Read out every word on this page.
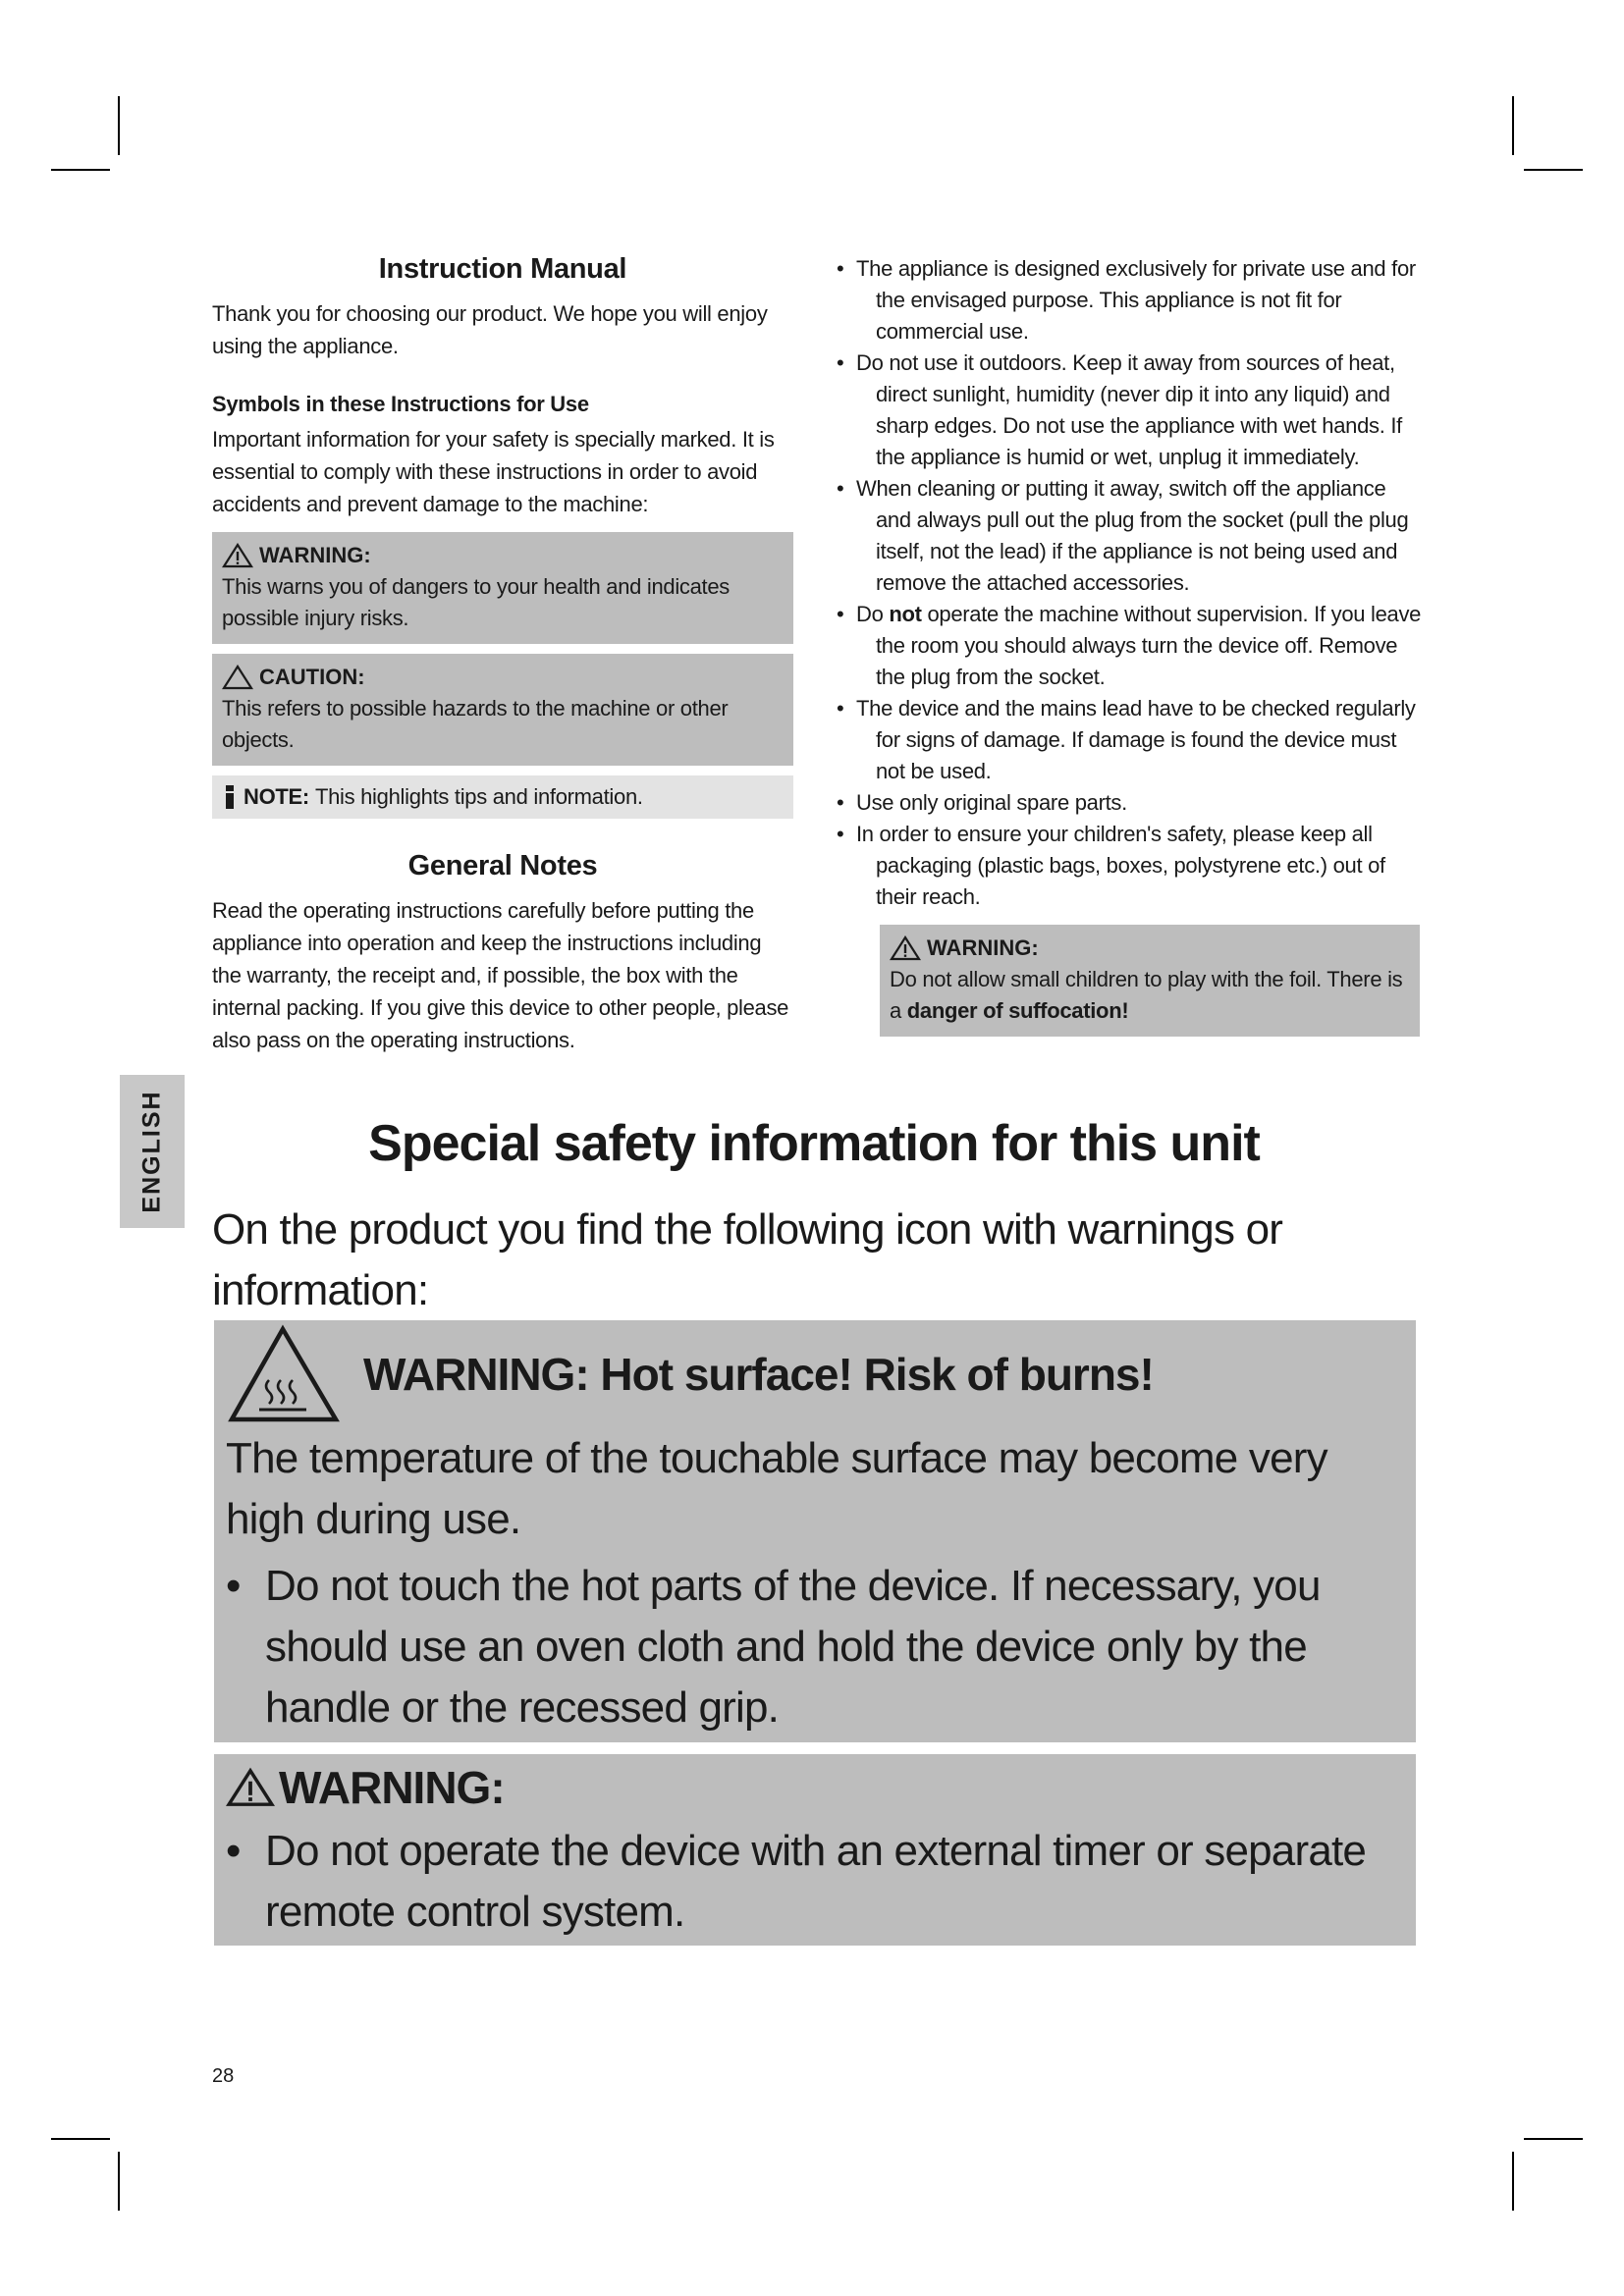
Instruction Manual

Thank you for choosing our product. We hope you will enjoy using the appliance.

Symbols in these Instructions for Use

Important information for your safety is specially marked. It is essential to comply with these instructions in order to avoid accidents and prevent damage to the machine:

WARNING:
This warns you of dangers to your health and indicates possible injury risks.
CAUTION:
This refers to possible hazards to the machine or other objects.
NOTE: This highlights tips and information.
General Notes

Read the operating instructions carefully before putting the appliance into operation and keep the instructions including the warranty, the receipt and, if possible, the box with the internal packing. If you give this device to other people, please also pass on the operating instructions.

• The appliance is designed exclusively for private use and for the envisaged purpose. This appliance is not fit for commercial use.
• Do not use it outdoors. Keep it away from sources of heat, direct sunlight, humidity (never dip it into any liquid) and sharp edges. Do not use the appliance with wet hands. If the appliance is humid or wet, unplug it immediately.
• When cleaning or putting it away, switch off the appliance and always pull out the plug from the socket (pull the plug itself, not the lead) if the appliance is not being used and remove the attached accessories.
• Do not operate the machine without supervision. If you leave the room you should always turn the device off. Remove the plug from the socket.
• The device and the mains lead have to be checked regularly for signs of damage. If damage is found the device must not be used.
• Use only original spare parts.
• In order to ensure your children's safety, please keep all packaging (plastic bags, boxes, polystyrene etc.) out of their reach.
WARNING:
Do not allow small children to play with the foil. There is a danger of suffocation!
ENGLISH	Special safety information for this unit

On the product you find the following icon with warnings or information:

WARNING: Hot surface! Risk of burns!

The temperature of the touchable surface may become very high during use.

• Do not touch the hot parts of the device. If necessary, you should use an oven cloth and hold the device only by the handle or the recessed grip.
WARNING:
• Do not operate the device with an external timer or separate remote control system.
28
